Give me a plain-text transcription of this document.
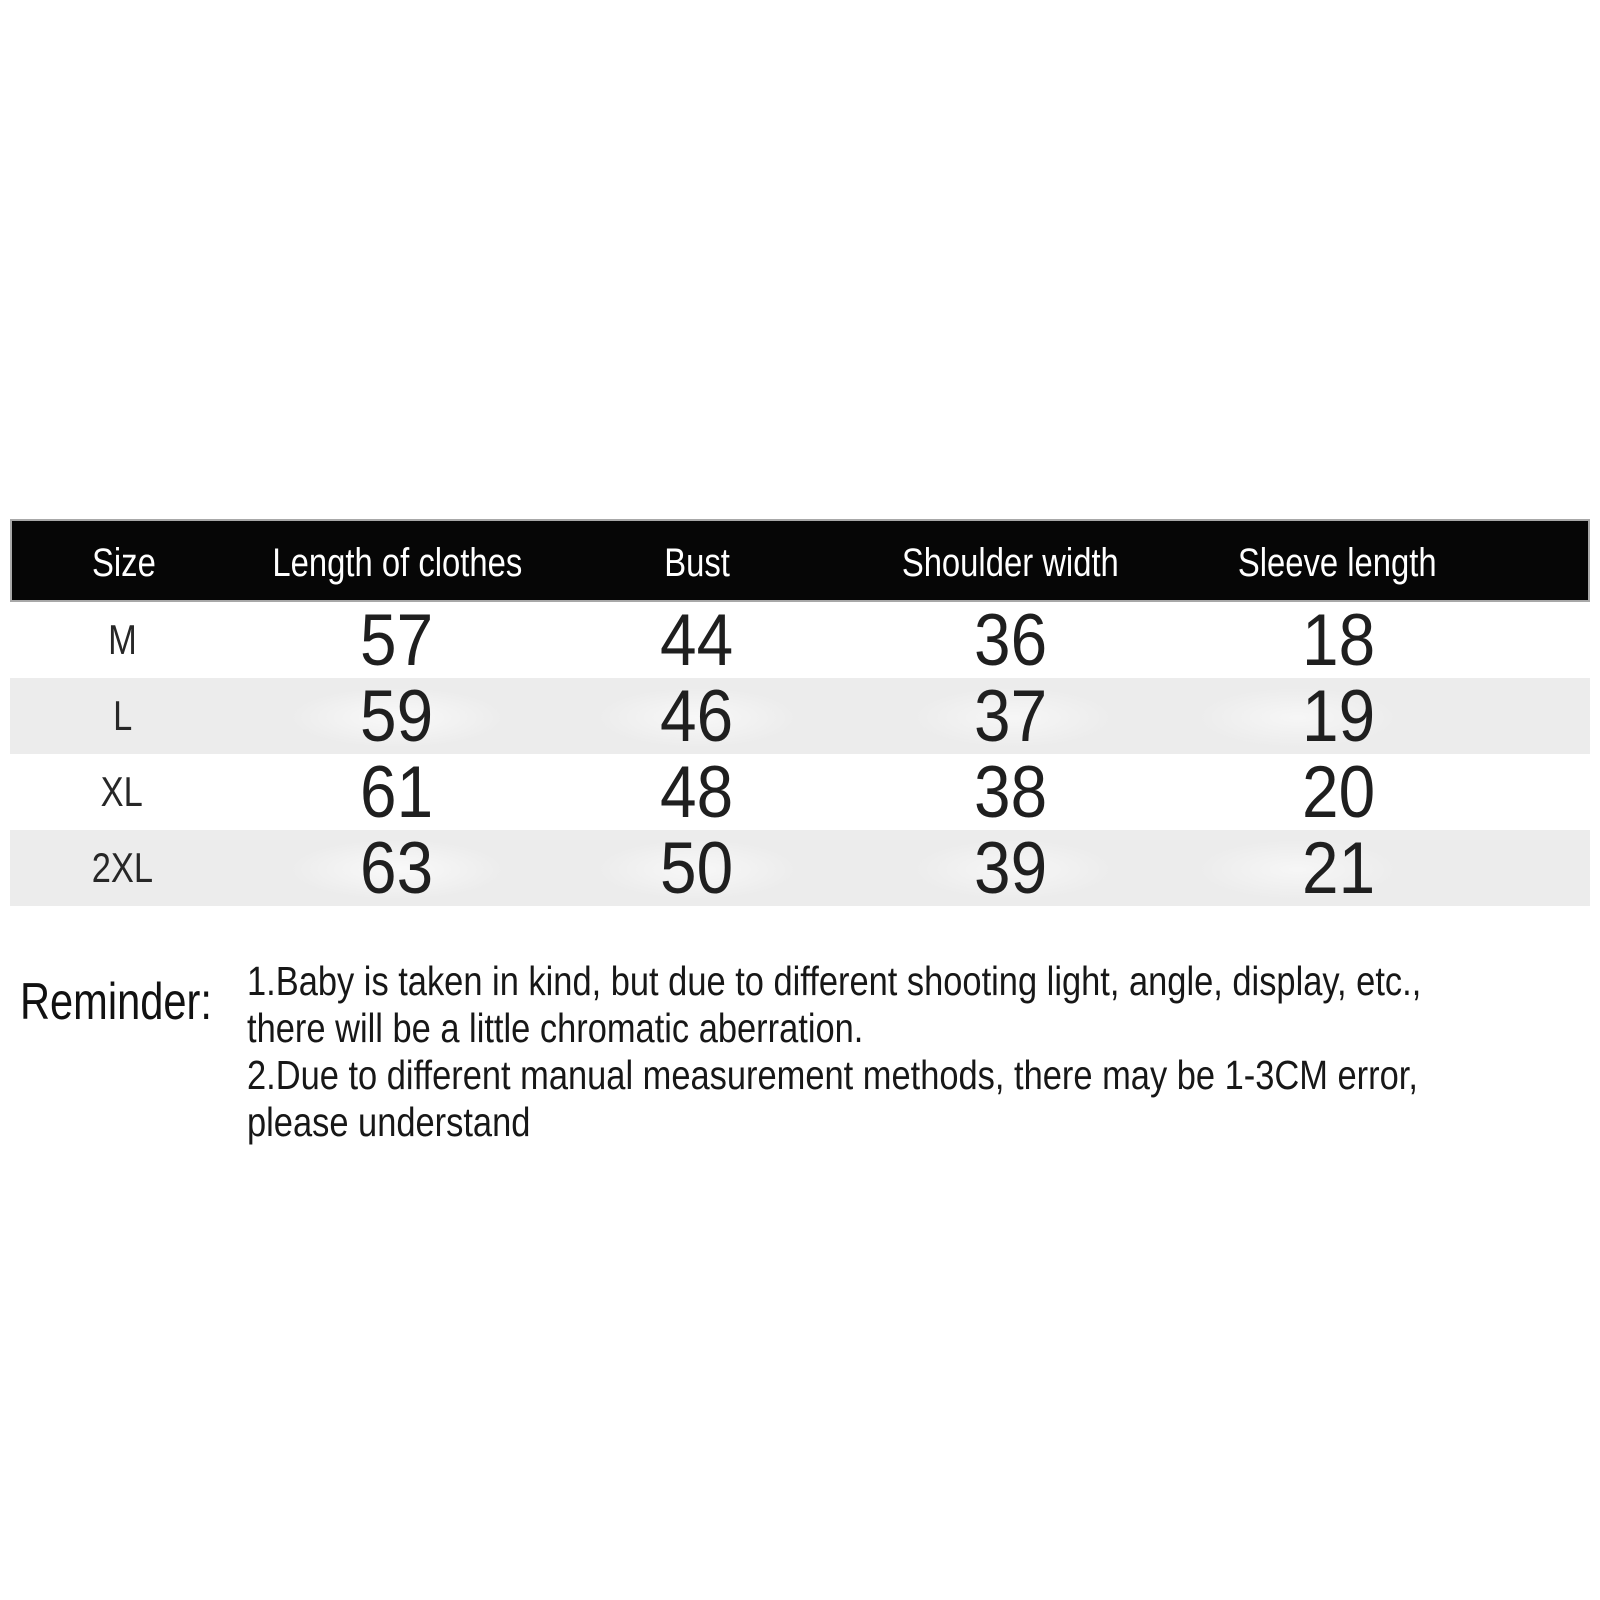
Size	Length of clothes	Bust	Shoulder width	Sleeve length
M	57	44	36	18
L	59	46	37	19
XL	61	48	38	20
2XL	63	50	39	21
Reminder: 1.Baby is taken in kind, but due to different shooting light, angle, display, etc.,
there will be a little chromatic aberration.
2.Due to different manual measurement methods, there may be 1-3CM error,
please understand
